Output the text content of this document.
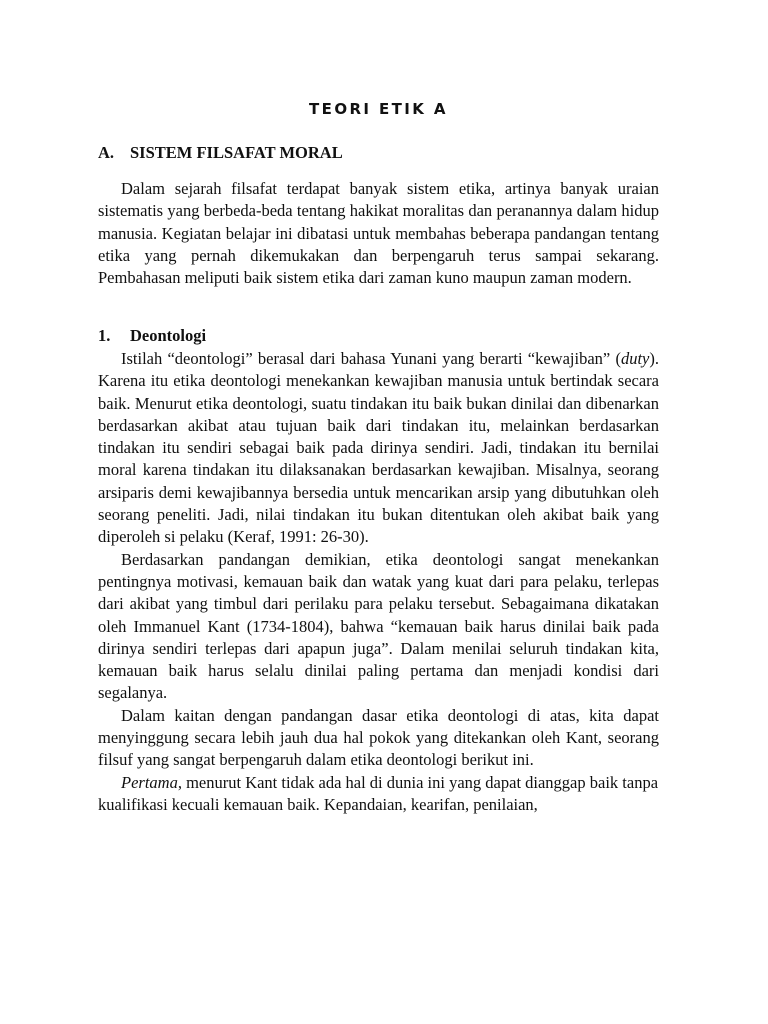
TEORI ETIK A
A. SISTEM FILSAFAT MORAL

Dalam sejarah filsafat terdapat banyak sistem etika, artinya banyak uraian sistematis yang berbeda-beda tentang hakikat moralitas dan peranannya dalam hidup manusia. Kegiatan belajar ini dibatasi untuk membahas beberapa pandangan tentang etika yang pernah dikemukakan dan berpengaruh terus sampai sekarang. Pembahasan meliputi baik sistem etika dari zaman kuno maupun zaman modern.

1. Deontologi

Istilah “deontologi” berasal dari bahasa Yunani yang berarti “kewajiban” (duty). Karena itu etika deontologi menekankan kewajiban manusia untuk bertindak secara baik. Menurut etika deontologi, suatu tindakan itu baik bukan dinilai dan dibenarkan berdasarkan akibat atau tujuan baik dari tindakan itu, melainkan berdasarkan tindakan itu sendiri sebagai baik pada dirinya sendiri. Jadi, tindakan itu bernilai moral karena tindakan itu dilaksanakan berdasarkan kewajiban. Misalnya, seorang arsiparis demi kewajibannya bersedia untuk mencarikan arsip yang dibutuhkan oleh seorang peneliti. Jadi, nilai tindakan itu bukan ditentukan oleh akibat baik yang diperoleh si pelaku (Keraf, 1991: 26-30).

Berdasarkan pandangan demikian, etika deontologi sangat menekankan pentingnya motivasi, kemauan baik dan watak yang kuat dari para pelaku, terlepas dari akibat yang timbul dari perilaku para pelaku tersebut. Sebagaimana dikatakan oleh Immanuel Kant (1734-1804), bahwa “kemauan baik harus dinilai baik pada dirinya sendiri terlepas dari apapun juga”. Dalam menilai seluruh tindakan kita, kemauan baik harus selalu dinilai paling pertama dan menjadi kondisi dari segalanya.

Dalam kaitan dengan pandangan dasar etika deontologi di atas, kita dapat menyinggung secara lebih jauh dua hal pokok yang ditekankan oleh Kant, seorang filsuf yang sangat berpengaruh dalam etika deontologi berikut ini.

Pertama, menurut Kant tidak ada hal di dunia ini yang dapat dianggap baik tanpa kualifikasi kecuali kemauan baik. Kepandaian, kearifan, penilaian,
